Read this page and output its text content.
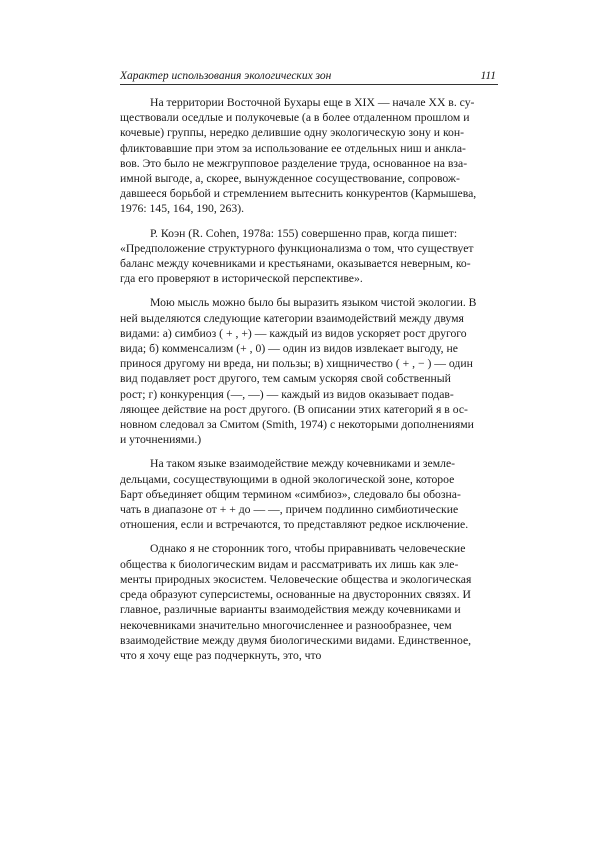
Характер использования экологических зон	111

На территории Восточной Бухары еще в XIX — начале XX в. су-
ществовали оседлые и полукочевые (а в более отдаленном прошлом и
кочевые) группы, нередко делившие одну экологическую зону и кон-
фликтовавшие при этом за использование ее отдельных ниш и анкла-
вов. Это было не межгрупповое разделение труда, основанное на вза-
имной выгоде, а, скорее, вынужденное сосуществование, сопровож-
давшееся борьбой и стремлением вытеснить конкурентов (Кармышева,
1976: 145, 164, 190, 263).

Р. Коэн (R. Cohen, 1978a: 155) совершенно прав, когда пишет:
«Предположение структурного функционализма о том, что существует
баланс между кочевниками и крестьянами, оказывается неверным, ко-
гда его проверяют в исторической перспективе».

Мою мысль можно было бы выразить языком чистой экологии. В
ней выделяются следующие категории взаимодействий между двумя
видами: а) симбиоз ( + , +) — каждый из видов ускоряет рост другого
вида; б) комменсализм (+ , 0) — один из видов извлекает выгоду, не
принося другому ни вреда, ни пользы; в) хищничество ( + , − ) — один
вид подавляет рост другого, тем самым ускоряя свой собственный
рост; г) конкуренция (—, —) — каждый из видов оказывает подав-
ляющее действие на рост другого. (В описании этих категорий я в ос-
новном следовал за Смитом (Smith, 1974) с некоторыми дополнениями
и уточнениями.)

На таком языке взаимодействие между кочевниками и земле-
дельцами, сосуществующими в одной экологической зоне, которое
Барт объединяет общим термином «симбиоз», следовало бы обозна-
чать в диапазоне от + + до — —, причем подлинно симбиотические
отношения, если и встречаются, то представляют редкое исключение.

Однако я не сторонник того, чтобы приравнивать человеческие
общества к биологическим видам и рассматривать их лишь как эле-
менты природных экосистем. Человеческие общества и экологическая
среда образуют суперсистемы, основанные на двусторонних связях. И
главное, различные варианты взаимодействия между кочевниками и
некочевниками значительно многочисленнее и разнообразнее, чем
взаимодействие между двумя биологическими видами. Единственное,
что я хочу еще раз подчеркнуть, это, что
